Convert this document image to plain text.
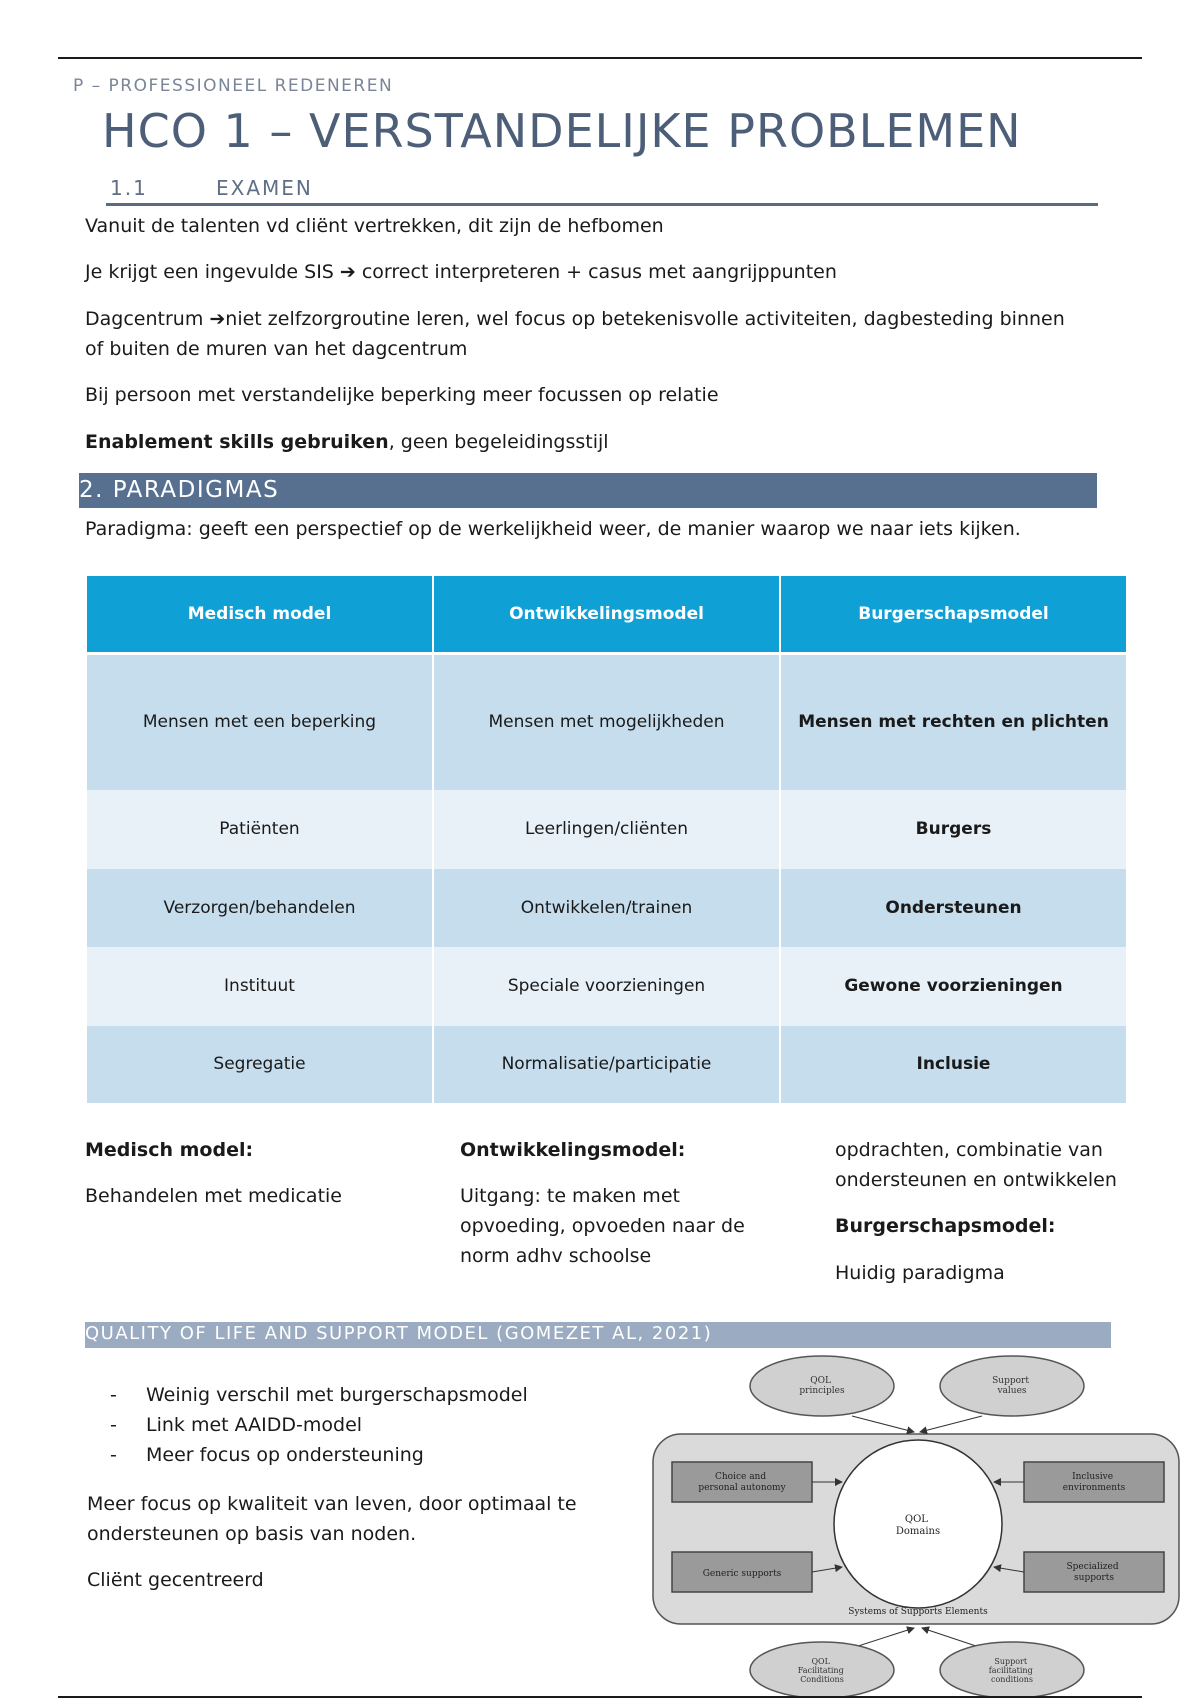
P – PROFESSIONEEL REDENEREN
HCO 1 – VERSTANDELIJKE PROBLEMEN
1.1	EXAMEN
Vanuit de talenten vd cliënt vertrekken, dit zijn de hefbomen
Je krijgt een ingevulde SIS ➔ correct interpreteren + casus met aangrijppunten
Dagcentrum ➔niet zelfzorgroutine leren, wel focus op betekenisvolle activiteiten, dagbesteding binnen of buiten de muren van het dagcentrum
Bij persoon met verstandelijke beperking meer focussen op relatie
Enablement skills gebruiken, geen begeleidingsstijl
2. PARADIGMAS
Paradigma: geeft een perspectief op de werkelijkheid weer, de manier waarop we naar iets kijken.
Medisch model	Ontwikkelingsmodel	Burgerschapsmodel
Mensen met een beperking	Mensen met mogelijkheden	Mensen met rechten en plichten
Patiënten	Leerlingen/cliënten	Burgers
Verzorgen/behandelen	Ontwikkelen/trainen	Ondersteunen
Instituut	Speciale voorzieningen	Gewone voorzieningen
Segregatie	Normalisatie/participatie	Inclusie
Medisch model:
Behandelen met medicatie
Ontwikkelingsmodel:
Uitgang: te maken met
opvoeding, opvoeden naar de
norm adhv schoolse
opdrachten, combinatie van
ondersteunen en ontwikkelen
Burgerschapsmodel:
Huidig paradigma
QUALITY OF LIFE AND SUPPORT MODEL (GOMEZET AL, 2021)
- Weinig verschil met burgerschapsmodel
- Link met AAIDD-model
- Meer focus op ondersteuning
Meer focus op kwaliteit van leven, door optimaal te
ondersteunen op basis van noden.
Cliënt gecentreerd
QOL principles
Support values
Choice and personal autonomy
Inclusive environments
Generic supports
Specialized supports
QOL Domains
Systems of Supports Elements
QOL Facilitating Conditions
Support facilitating conditions
